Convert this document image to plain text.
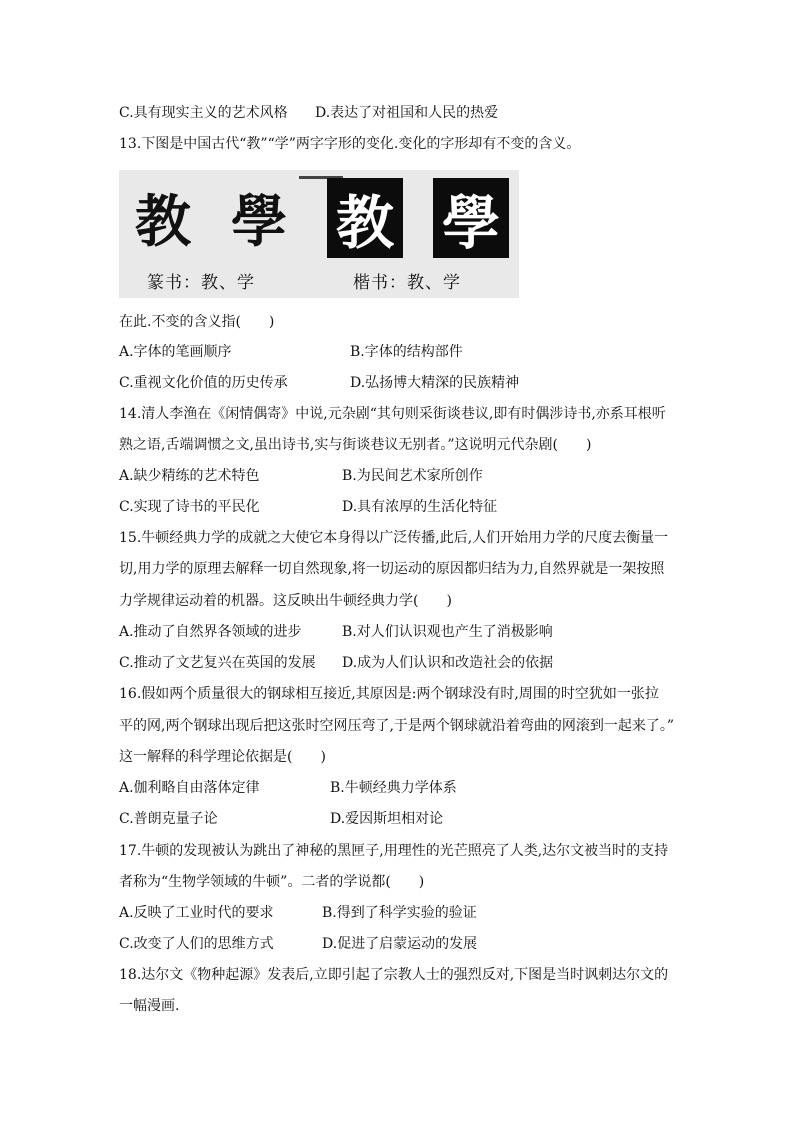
C.具有现实主义的艺术风格 D.表达了对祖国和人民的热爱
13.下图是中国古代“教”“学”两字字形的变化.变化的字形却有不变的含义。
教 學 教 學
篆书：教、学	楷书：教、学
在此.不变的含义指(　　)
A.字体的笔画顺序	B.字体的结构部件
C.重视文化价值的历史传承	D.弘扬博大精深的民族精神
14.清人李渔在《闲情偶寄》中说,元杂剧“其句则采街谈巷议,即有时偶涉诗书,亦系耳根听
熟之语,舌端调惯之文,虽出诗书,实与街谈巷议无别者。”这说明元代杂剧(　　)
A.缺少精练的艺术特色	B.为民间艺术家所创作
C.实现了诗书的平民化	D.具有浓厚的生活化特征
15.牛顿经典力学的成就之大使它本身得以广泛传播,此后,人们开始用力学的尺度去衡量一
切,用力学的原理去解释一切自然现象,将一切运动的原因都归结为力,自然界就是一架按照
力学规律运动着的机器。这反映出牛顿经典力学(　　)
A.推动了自然界各领域的进步	B.对人们认识观也产生了消极影响
C.推动了文艺复兴在英国的发展 D.成为人们认识和改造社会的依据
16.假如两个质量很大的钢球相互接近,其原因是:两个钢球没有时,周围的时空犹如一张拉
平的网,两个钢球出现后把这张时空网压弯了,于是两个钢球就沿着弯曲的网滚到一起来了。”
这一解释的科学理论依据是(　　)
A.伽利略自由落体定律	B.牛顿经典力学体系
C.普朗克量子论	D.爱因斯坦相对论
17.牛顿的发现被认为跳出了神秘的黑匣子,用理性的光芒照亮了人类,达尔文被当时的支持
者称为“生物学领域的牛顿”。二者的学说都(　　)
A.反映了工业时代的要求	B.得到了科学实验的验证
C.改变了人们的思维方式	D.促进了启蒙运动的发展
18.达尔文《物种起源》发表后,立即引起了宗教人士的强烈反对,下图是当时讽刺达尔文的
一幅漫画.
